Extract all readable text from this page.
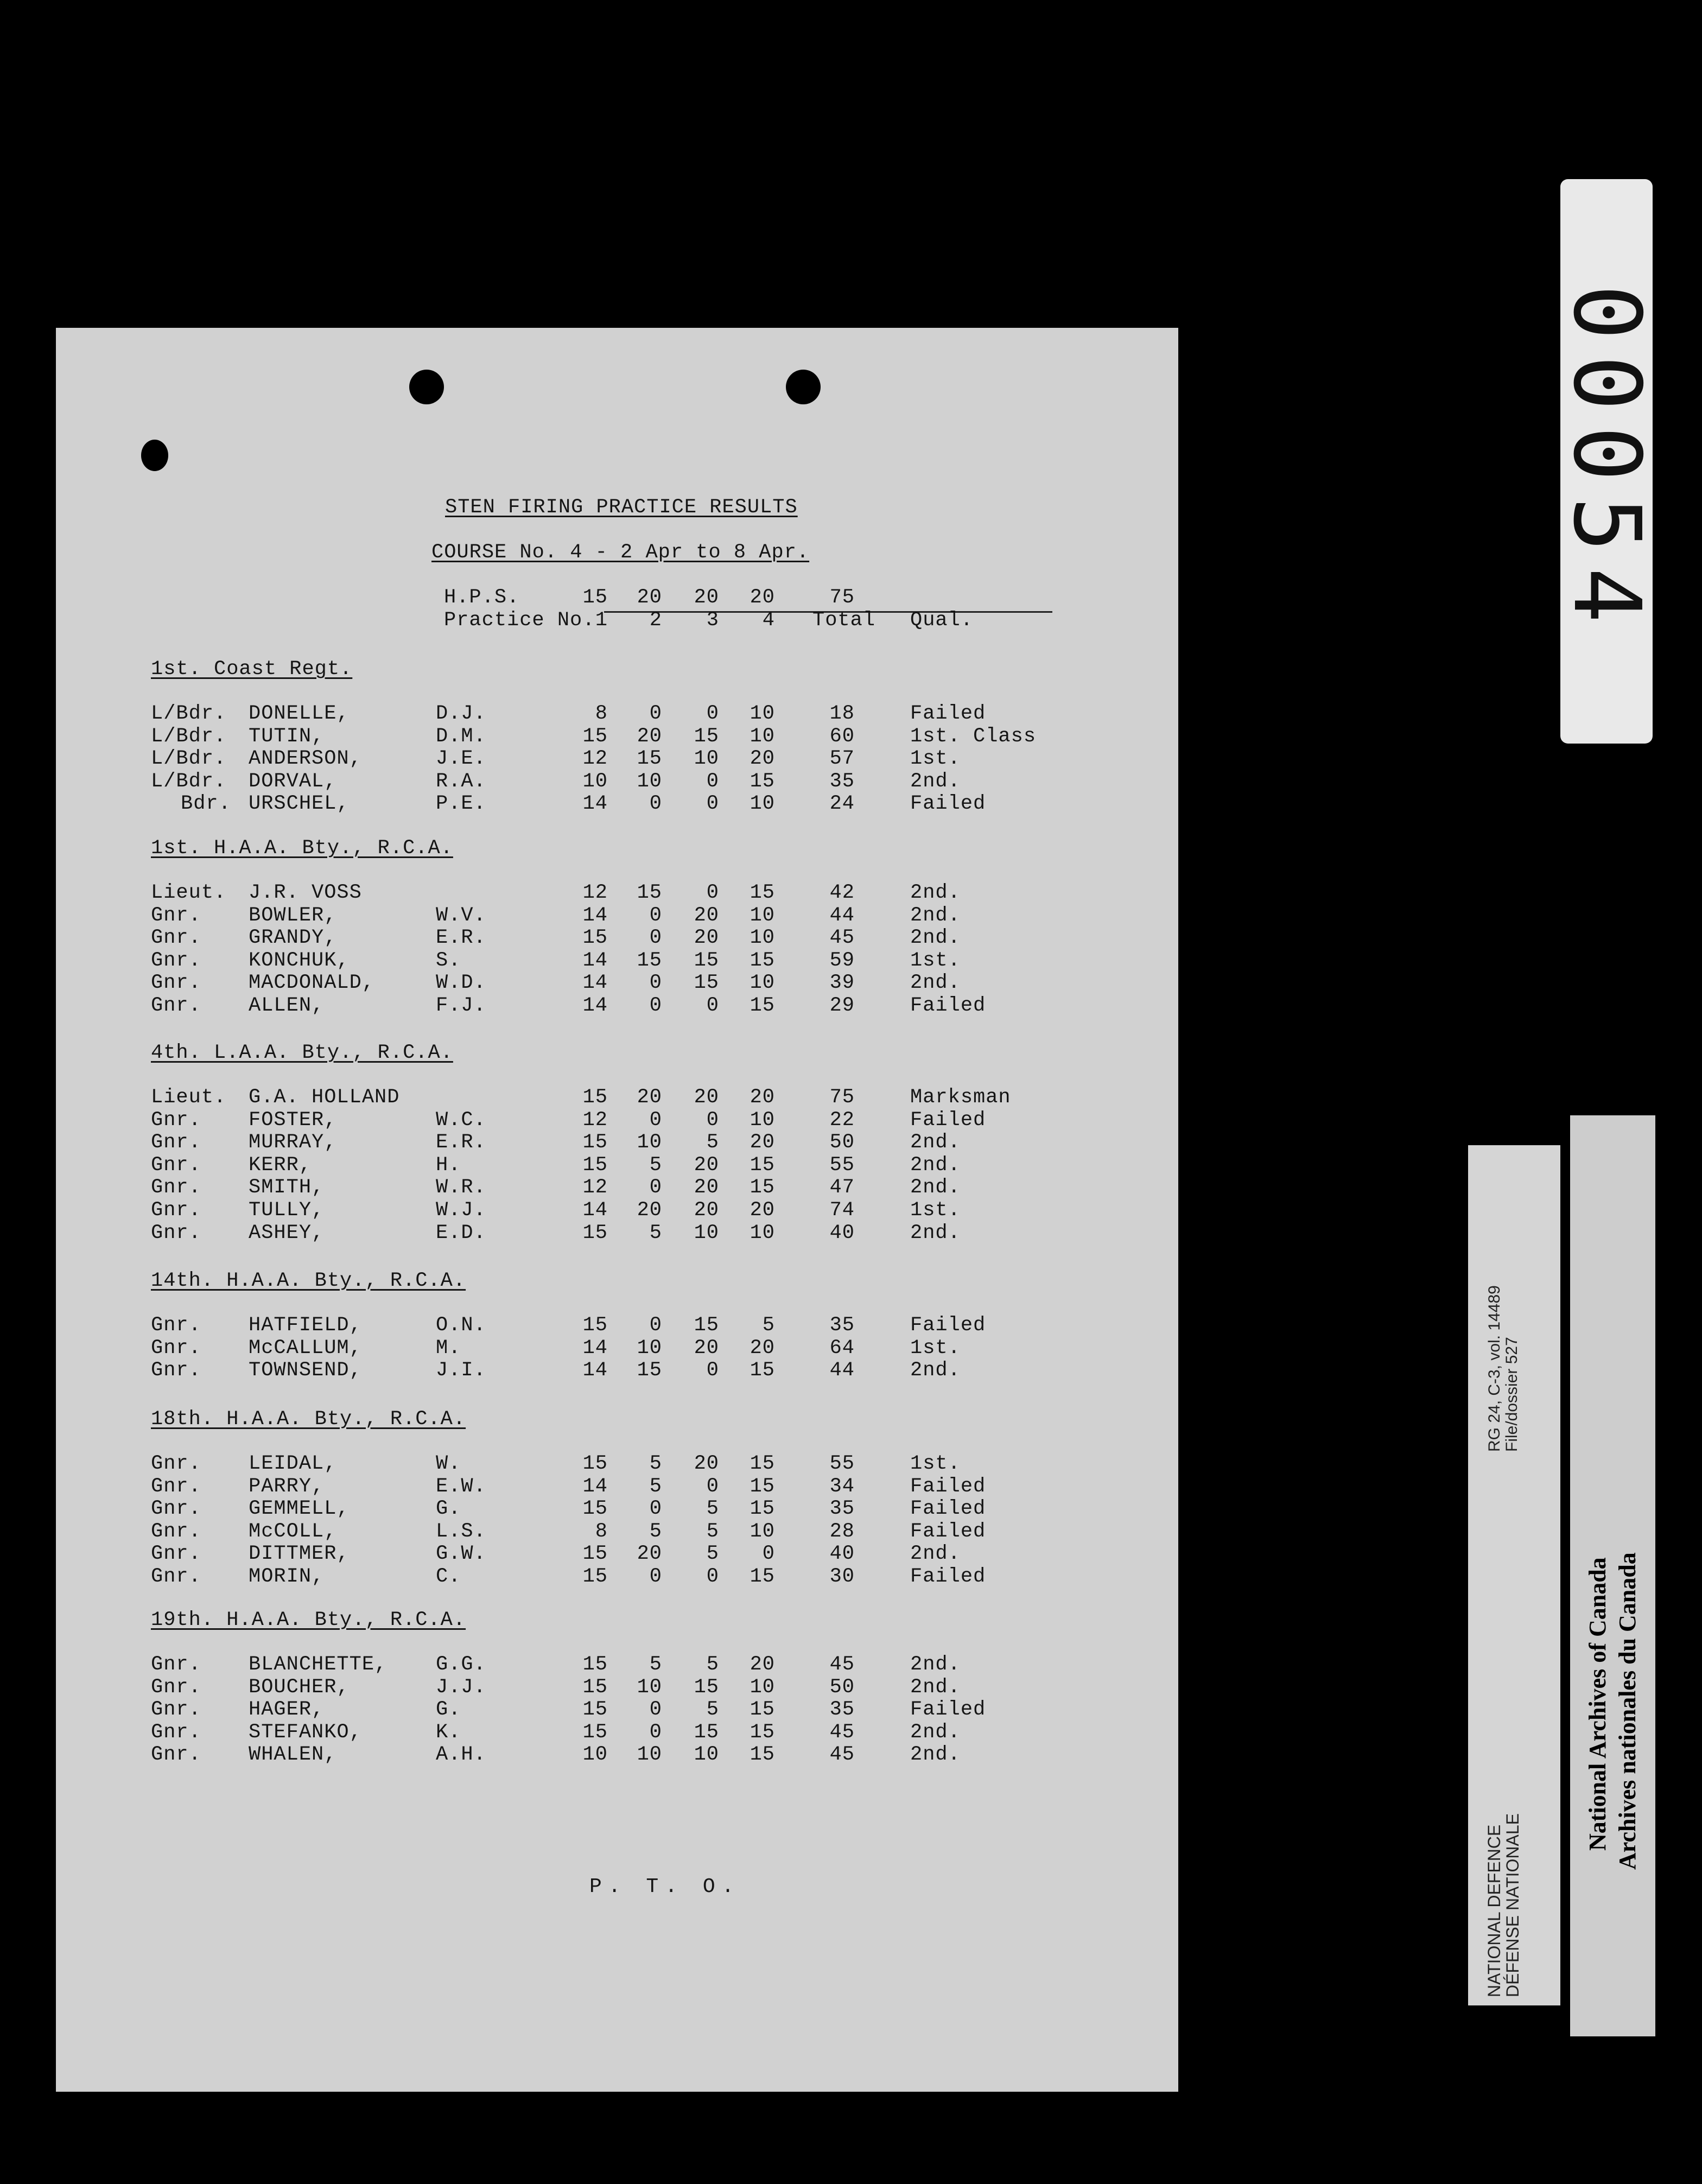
STEN FIRING PRACTICE RESULTS
COURSE No. 4 - 2 Apr to 8 Apr.
H.P.S.	15	20	20	20	75
Practice No. 1	2	3	4 Total Qual.
1st. Coast Regt.
L/Bdr. DONELLE,	D.J.	8	0	0	10	18	Failed
L/Bdr. TUTIN,	D.M.	15	20	15	10	60	1st. Class
L/Bdr. ANDERSON,	J.E.	12	15	10	20	57	1st.
L/Bdr. DORVAL,	R.A.	10	10	0	15	35	2nd.
Bdr. URSCHEL,	P.E.	14	0	0	10	24	Failed
1st. H.A.A. Bty., R.C.A.
Lieut. J.R. VOSS	12	15	0	15	42	2nd.
Gnr. BOWLER,	W.V.	14	0	20	10	44	2nd.
Gnr. GRANDY,	E.R.	15	0	20	10	45	2nd.
Gnr. KONCHUK,	S.	14	15	15	15	59	1st.
Gnr. MACDONALD,	W.D.	14	0	15	10	39	2nd.
Gnr. ALLEN,	F.J.	14	0	0	15	29	Failed
4th. L.A.A. Bty., R.C.A.
Lieut. G.A. HOLLAND	15	20	20	20	75	Marksman
Gnr. FOSTER,	W.C.	12	0	0	10	22	Failed
Gnr. MURRAY,	E.R.	15	10	5	20	50	2nd.
Gnr. KERR,	H.	15	5	20	15	55	2nd.
Gnr. SMITH,	W.R.	12	0	20	15	47	2nd.
Gnr. TULLY,	W.J.	14	20	20	20	74	1st.
Gnr. ASHEY,	E.D.	15	5	10	10	40	2nd.
14th. H.A.A. Bty., R.C.A.
Gnr. HATFIELD,	O.N.	15	0	15	5	35	Failed
Gnr. McCALLUM,	M.	14	10	20	20	64	1st.
Gnr. TOWNSEND,	J.I.	14	15	0	15	44	2nd.
18th. H.A.A. Bty., R.C.A.
Gnr. LEIDAL,	W.	15	5	20	15	55	1st.
Gnr. PARRY,	E.W.	14	5	0	15	34	Failed
Gnr. GEMMELL,	G.	15	0	5	15	35	Failed
Gnr. McCOLL,	L.S.	8	5	5	10	28	Failed
Gnr. DITTMER,	G.W.	15	20	5	0	40	2nd.
Gnr. MORIN,	C.	15	0	0	15	30	Failed
19th. H.A.A. Bty., R.C.A.
Gnr. BLANCHETTE, G.G.	15	5	5	20	45	2nd.
Gnr. BOUCHER,	J.J.	15	10	15	10	50	2nd.
Gnr. HAGER,	G.	15	0	5	15	35	Failed
Gnr. STEFANKO,	K.	15	0	15	15	45	2nd.
Gnr. WHALEN,	A.H.	10	10	10	15	45	2nd.
P. T. O.
00054
RG 24, C-3, vol. 14489 File/dossier 527
NATIONAL DEFENCE
DÉFENSE NATIONALE
National Archives of Canada Archives nationales du Canada
